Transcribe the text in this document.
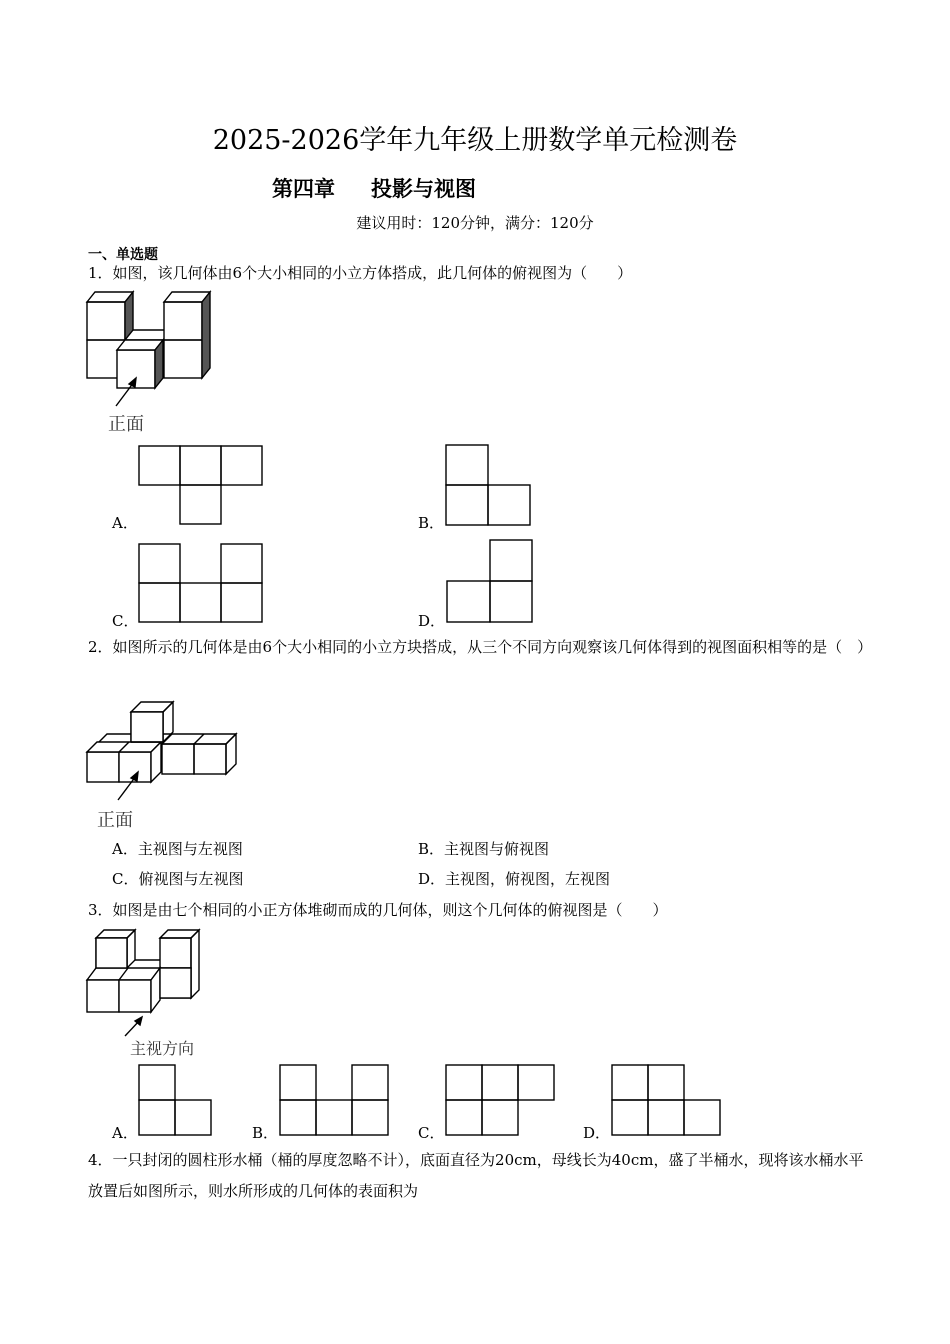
2025-2026学年九年级上册数学单元检测卷
第四章 投影与视图
建议用时：120分钟，满分：120分
一、单选题
1．如图，该几何体由6个大小相同的小立方体搭成，此几何体的俯视图为（　　）
正面
A．	B．
C．	D．
2．如图所示的几何体是由6个大小相同的小立方块搭成，从三个不同方向观察该几何体得到的视图面积相等的是（　）
正面
A．主视图与左视图	B．主视图与俯视图
C．俯视图与左视图	D．主视图，俯视图，左视图
3．如图是由七个相同的小正方体堆砌而成的几何体，则这个几何体的俯视图是（　　）
主视方向
A．	B．	C．	D．
4．一只封闭的圆柱形水桶（桶的厚度忽略不计），底面直径为20cm，母线长为40cm，盛了半桶水，现将该水桶水平放置后如图所示，则水所形成的几何体的表面积为
